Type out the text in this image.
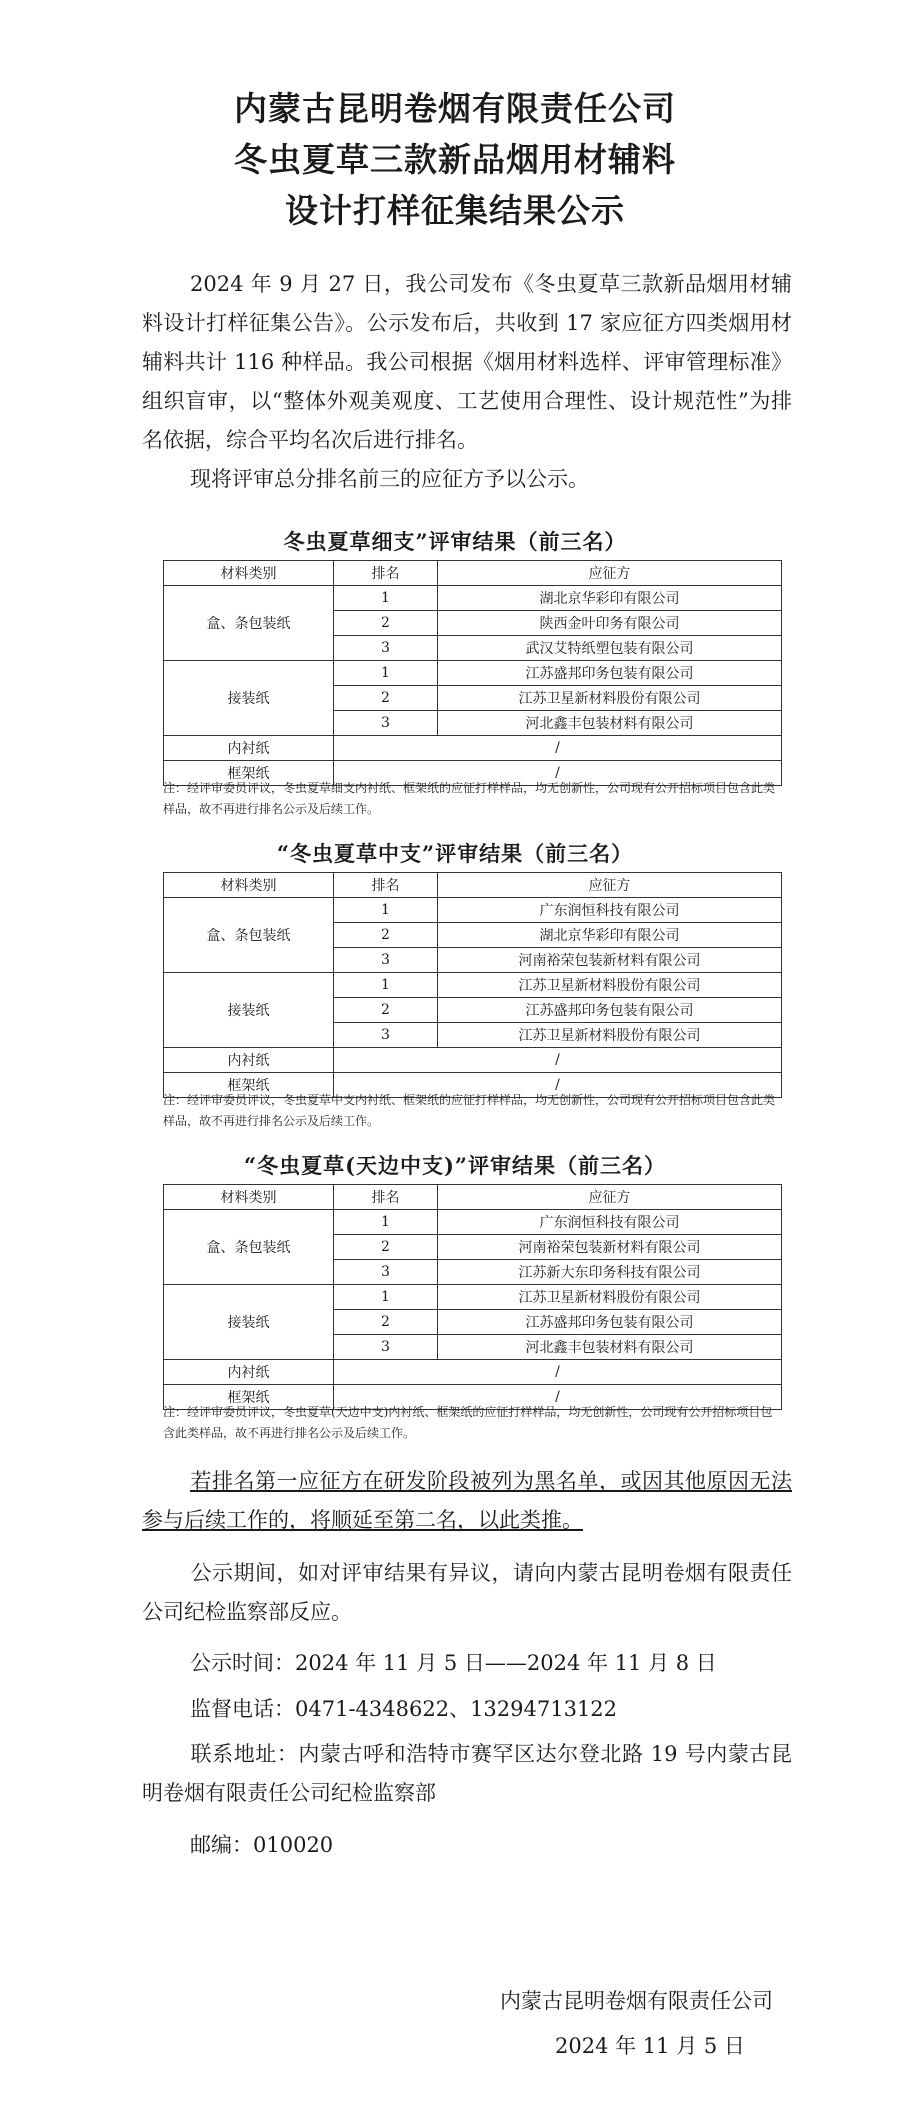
内蒙古昆明卷烟有限责任公司
冬虫夏草三款新品烟用材辅料
设计打样征集结果公示
2024 年 9 月 27 日，我公司发布《冬虫夏草三款新品烟用材辅料设计打样征集公告》。公示发布后，共收到 17 家应征方四类烟用材辅料共计 116 种样品。我公司根据《烟用材料选样、评审管理标准》组织盲审，以“整体外观美观度、工艺使用合理性、设计规范性”为排名依据，综合平均名次后进行排名。
现将评审总分排名前三的应征方予以公示。
冬虫夏草细支”评审结果（前三名）
材料类别	排名	应征方
盒、条包装纸	1	湖北京华彩印有限公司
	2	陕西金叶印务有限公司
	3	武汉艾特纸塑包装有限公司
接装纸	1	江苏盛邦印务包装有限公司
	2	江苏卫星新材料股份有限公司
	3	河北鑫丰包装材料有限公司
内衬纸	/	
框架纸	/	
注：经评审委员评议，冬虫夏草细支内衬纸、框架纸的应征打样样品，均无创新性，公司现有公开招标项目包含此类样品，故不再进行排名公示及后续工作。
“冬虫夏草中支”评审结果（前三名）
材料类别	排名	应征方
盒、条包装纸	1	广东润恒科技有限公司
	2	湖北京华彩印有限公司
	3	河南裕荣包装新材料有限公司
接装纸	1	江苏卫星新材料股份有限公司
	2	江苏盛邦印务包装有限公司
	3	江苏卫星新材料股份有限公司
内衬纸	/	
框架纸	/	
注：经评审委员评议，冬虫夏草中支内衬纸、框架纸的应征打样样品，均无创新性，公司现有公开招标项目包含此类样品，故不再进行排名公示及后续工作。
“冬虫夏草(天边中支)”评审结果（前三名）
材料类别	排名	应征方
盒、条包装纸	1	广东润恒科技有限公司
	2	河南裕荣包装新材料有限公司
	3	江苏新大东印务科技有限公司
接装纸	1	江苏卫星新材料股份有限公司
	2	江苏盛邦印务包装有限公司
	3	河北鑫丰包装材料有限公司
内衬纸	/	
框架纸	/	
注：经评审委员评议，冬虫夏草(天边中支)内衬纸、框架纸的应征打样样品，均无创新性，公司现有公开招标项目包含此类样品，故不再进行排名公示及后续工作。
若排名第一应征方在研发阶段被列为黑名单，或因其他原因无法参与后续工作的，将顺延至第二名，以此类推。
公示期间，如对评审结果有异议，请向内蒙古昆明卷烟有限责任公司纪检监察部反应。
公示时间：2024 年 11 月 5 日——2024 年 11 月 8 日
监督电话：0471-4348622、13294713122
联系地址：内蒙古呼和浩特市赛罕区达尔登北路 19 号内蒙古昆明卷烟有限责任公司纪检监察部
邮编：010020
内蒙古昆明卷烟有限责任公司
2024 年 11 月 5 日
